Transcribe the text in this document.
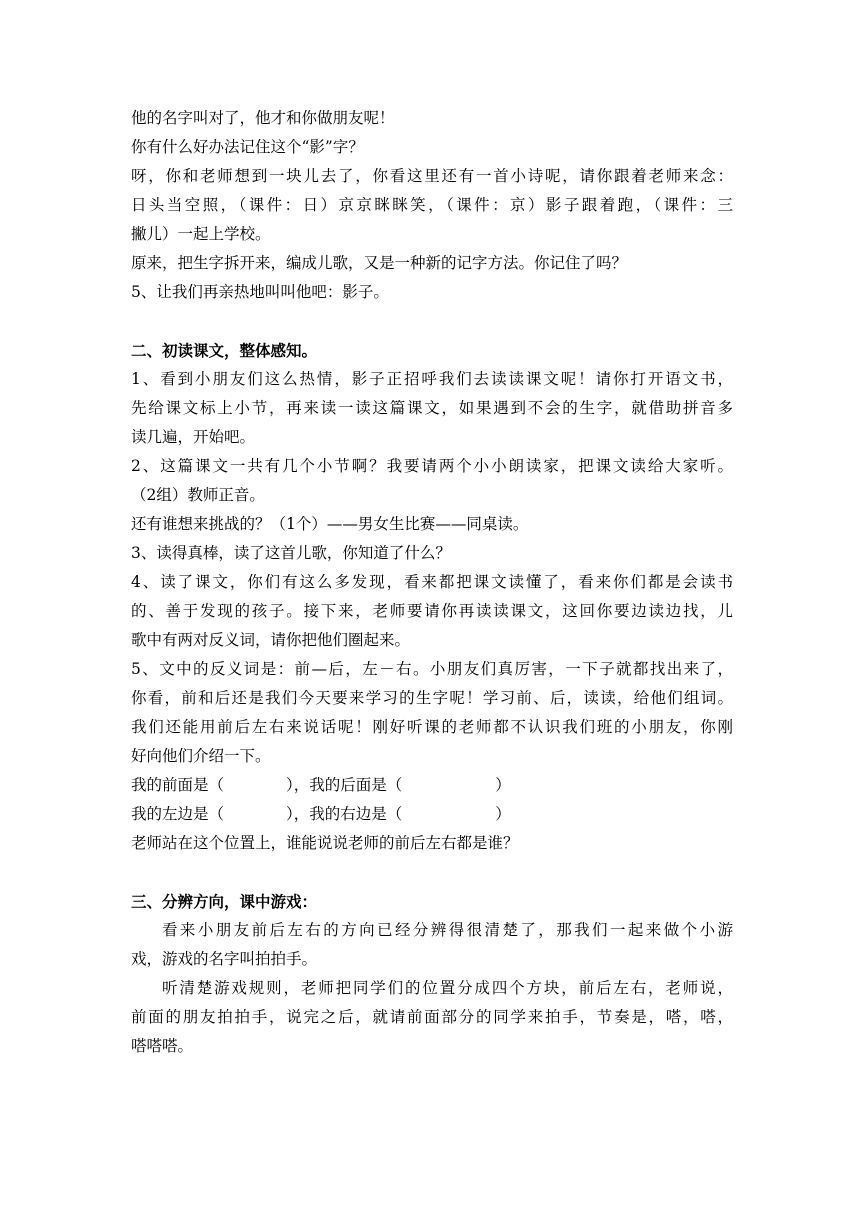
他的名字叫对了，他才和你做朋友呢！
你有什么好办法记住这个“影”字？
呀，你和老师想到一块儿去了，你看这里还有一首小诗呢，请你跟着老师来念：
日头当空照，（课件：日）京京眯眯笑，（课件：京）影子跟着跑，（课件：三
撇儿）一起上学校。
原来，把生字拆开来，编成儿歌，又是一种新的记字方法。你记住了吗？
5、让我们再亲热地叫叫他吧：影子。
二、初读课文，整体感知。
1、看到小朋友们这么热情，影子正招呼我们去读读课文呢！请你打开语文书，
先给课文标上小节，再来读一读这篇课文，如果遇到不会的生字，就借助拼音多
读几遍，开始吧。
2、这篇课文一共有几个小节啊？我要请两个小小朗读家，把课文读给大家听。
（2组）教师正音。
还有谁想来挑战的？（1个）——男女生比赛——同桌读。
3、读得真棒，读了这首儿歌，你知道了什么？
4、读了课文，你们有这么多发现，看来都把课文读懂了，看来你们都是会读书
的、善于发现的孩子。接下来，老师要请你再读读课文，这回你要边读边找，儿
歌中有两对反义词，请你把他们圈起来。
5、文中的反义词是：前—后，左－右。小朋友们真厉害，一下子就都找出来了，
你看，前和后还是我们今天要来学习的生字呢！学习前、后，读读，给他们组词。
我们还能用前后左右来说话呢！刚好听课的老师都不认识我们班的小朋友，你刚
好向他们介绍一下。
我的前面是（　　　　），我的后面是（　　　　　　）
我的左边是（　　　　），我的右边是（　　　　　　）
老师站在这个位置上，谁能说说老师的前后左右都是谁？
三、分辨方向，课中游戏：
看来小朋友前后左右的方向已经分辨得很清楚了，那我们一起来做个小游
戏，游戏的名字叫拍拍手。
听清楚游戏规则，老师把同学们的位置分成四个方块，前后左右，老师说，
前面的朋友拍拍手，说完之后，就请前面部分的同学来拍手，节奏是，嗒，嗒，
嗒嗒嗒。
